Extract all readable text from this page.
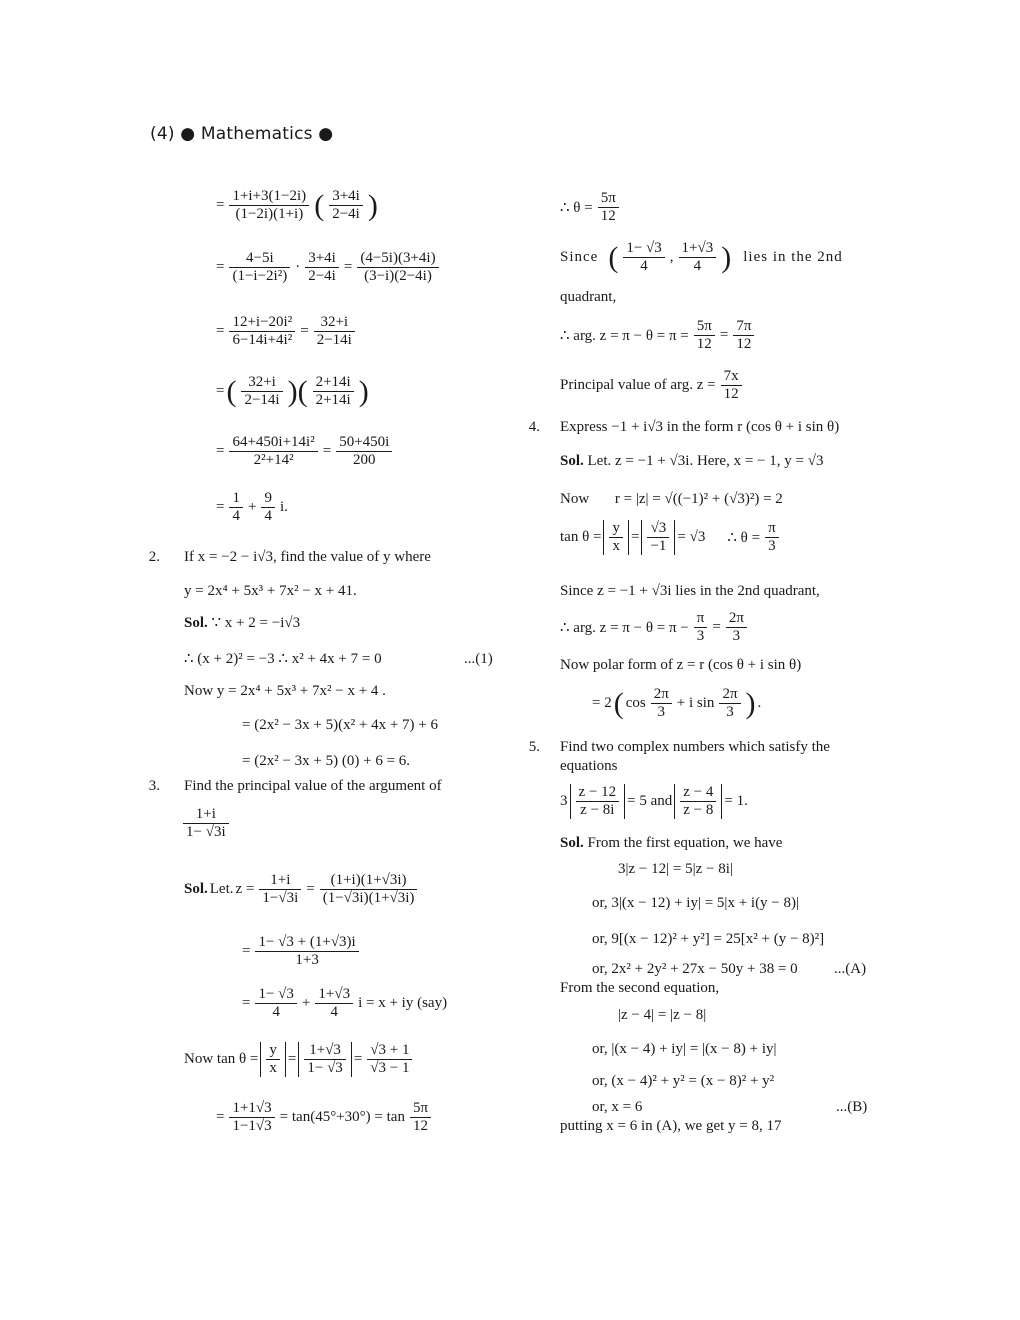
(4) ● Mathematics ●
= $\frac{1+i+3(1-2i)}{(1-2i)(1+i)}$ ( $\frac{3+4i}{2-4i}$ )
= $\frac{4-5i}{\text{(1−i−2i²)}} \cdot \frac{3+4i}{2-4i} = \frac{(4-5i)(3+4i)}{(3-i)(2-4i)}$
= $\frac{\text{12+i−20i²}}{\text{6−14i+4i²}} = \frac{32+i}{2-14i}$
= ( $\frac{32+i}{2-14i}$ )( $\frac{2+14i}{2+14i}$ )
= $\frac{\text{64+450i+14i²}}{\text{2²+14²}} = \frac{50+450i}{200}$
= $\frac{1}{4} + \frac{9}{4} i$.
2. If x = −2 − i√3, find the value of y where
y = 2x⁴ + 5x³ + 7x² − x + 41.
Sol. ∵ x + 2 = −i√3
∴ (x + 2)² = −3 ∴ x² + 4x + 7 = 0	...(1)
Now y = 2x⁴ + 5x³ + 7x² − x + 4 .
= (2x² − 3x + 5)(x² + 4x + 7) + 6
= (2x² − 3x + 5) (0) + 6 = 6.
3. Find the principal value of the argument of
$\frac{1+i}{1- √3i}$
Sol. Let. $z = \frac{1+i}{1-√3i} = \frac{(1+i)(1+√3i)}{(1-√3i)(1+√3i)}$
= $\frac{1- √3 + (1+√3)i}{1+3}$
= $\frac{1- √3}{4} + \frac{1+√3}{4}$ i = x + iy (say)
Now $\tan \theta = \frac{y}{x} = \frac{1+√3}{1- √3} = \frac{√3 + 1}{√3 - 1}$
= $\frac{1+1√3}{1-1√3} = \tan(45^\circ+30^\circ) = \tan \frac{5\pi}{12}$
∴ $\theta = \frac{5\pi}{12}$
Since ( $\frac{1- √3}{4}$ , $\frac{1+√3}{4}$ ) lies in the 2nd
quadrant,
∴ arg. $z = \pi - \theta = \pi = \frac{5\pi}{12} = \frac{7\pi}{12}$
Principal value of arg. $z = \frac{7x}{12}$
4. Express −1 + i√3 in the form r (cos θ + i sin θ)
Sol. Let. z = −1 + √3i. Here, x = − 1, y = √3
Now r = |z| = √((−1)² + (√3)²) = 2
$\tan \theta = \frac{y}{x} = \frac{√3}{-1} = √3$ ∴ $\theta = \frac{\pi}{3}$
Since z = −1 + √3i lies in the 2nd quadrant,
∴ arg. $z = \pi - \theta = \pi - \frac{\pi}{3} = \frac{2\pi}{3}$
Now polar form of z = r (cos θ + i sin θ)
= 2 ( $\cos \frac{2\pi}{3} + i$ $\sin \frac{2\pi}{3}$ ) .
5. Find two complex numbers which satisfy the
equations
$3 \frac{z - 12}{z - 8i} = 5$ and $\frac{z - 4}{z - 8} = 1$.
Sol. From the first equation, we have
3|z − 12| = 5|z − 8i|
or, 3|(x − 12) + iy| = 5|x + i(y − 8)|
or, 9[(x − 12)² + y²] = 25[x² + (y − 8)²]
or, 2x² + 2y² + 27x − 50y + 38 = 0 ...(A)
From the second equation,
|z − 4| = |z − 8|
or, |(x − 4) + iy| = |(x − 8) + iy|
or, (x − 4)² + y² = (x − 8)² + y²
or, x = 6	...(B)
putting x = 6 in (A), we get y = 8, 17
